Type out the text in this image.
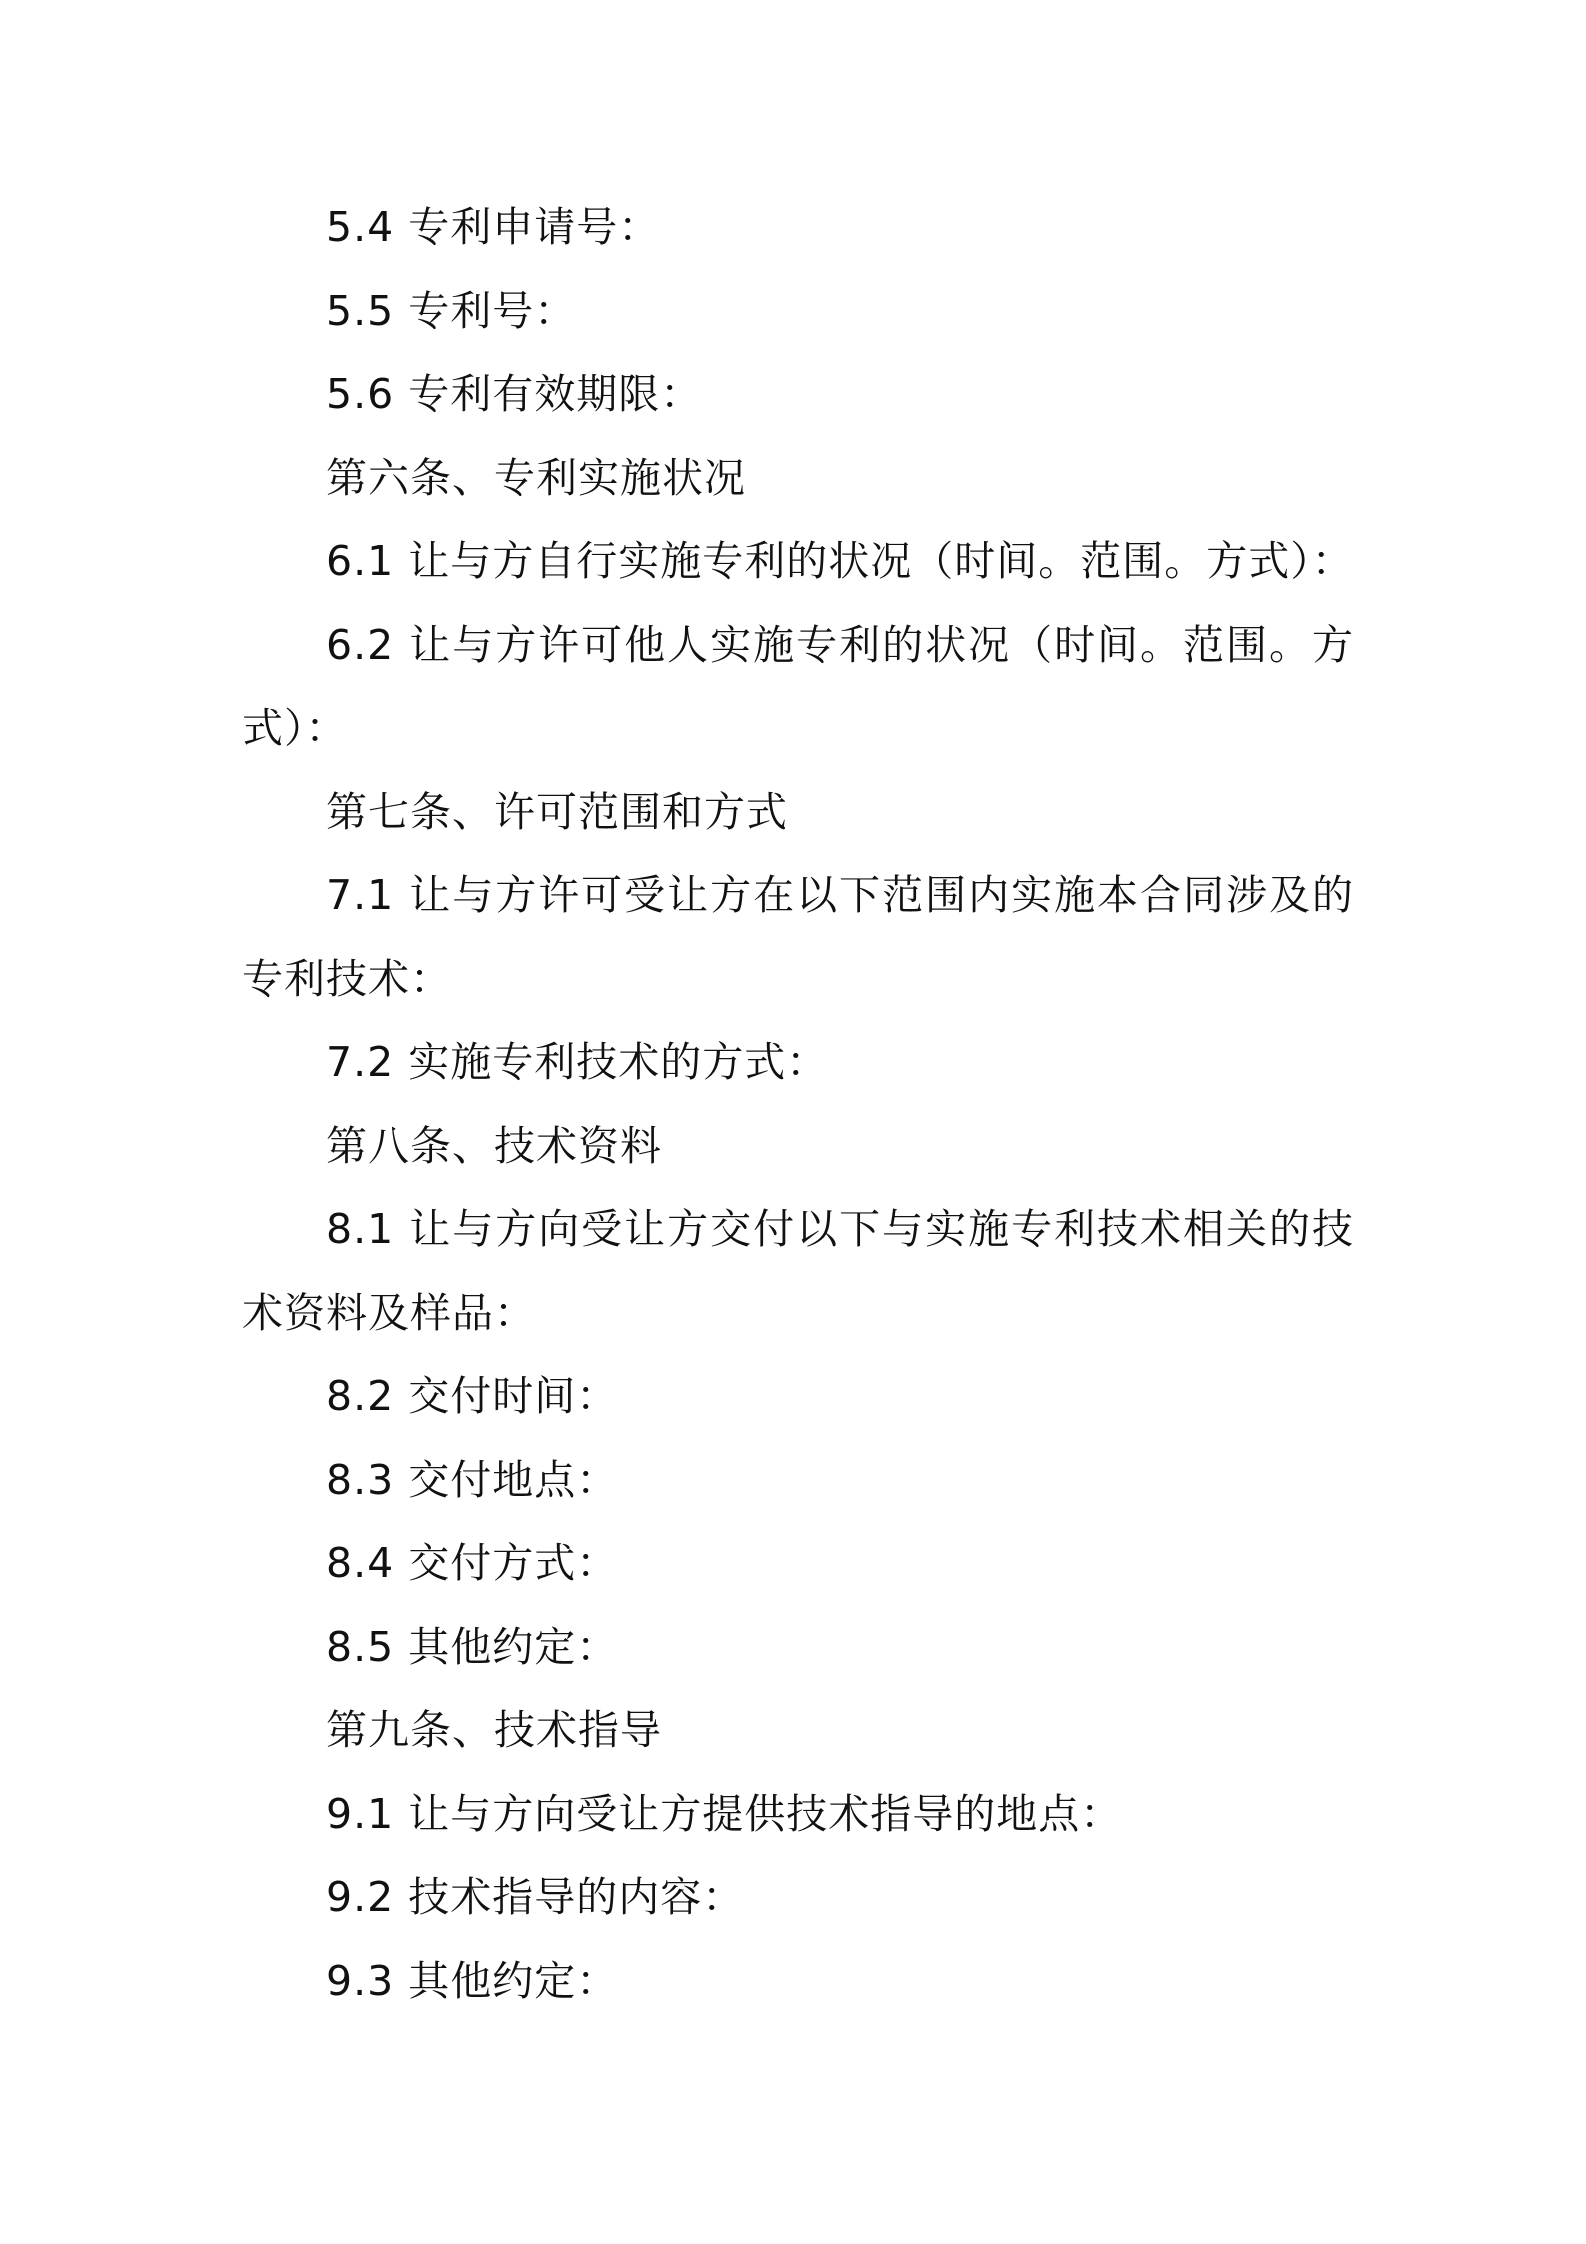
5.4 专利申请号：

5.5 专利号：

5.6 专利有效期限：

第六条、专利实施状况

6.1 让与方自行实施专利的状况（时间。范围。方式）：

6.2 让与方许可他人实施专利的状况（时间。范围。方式）：

第七条、许可范围和方式

7.1 让与方许可受让方在以下范围内实施本合同涉及的专利技术：

7.2 实施专利技术的方式：

第八条、技术资料

8.1 让与方向受让方交付以下与实施专利技术相关的技术资料及样品：

8.2 交付时间：

8.3 交付地点：

8.4 交付方式：

8.5 其他约定：

第九条、技术指导

9.1 让与方向受让方提供技术指导的地点：

9.2 技术指导的内容：

9.3 其他约定：
